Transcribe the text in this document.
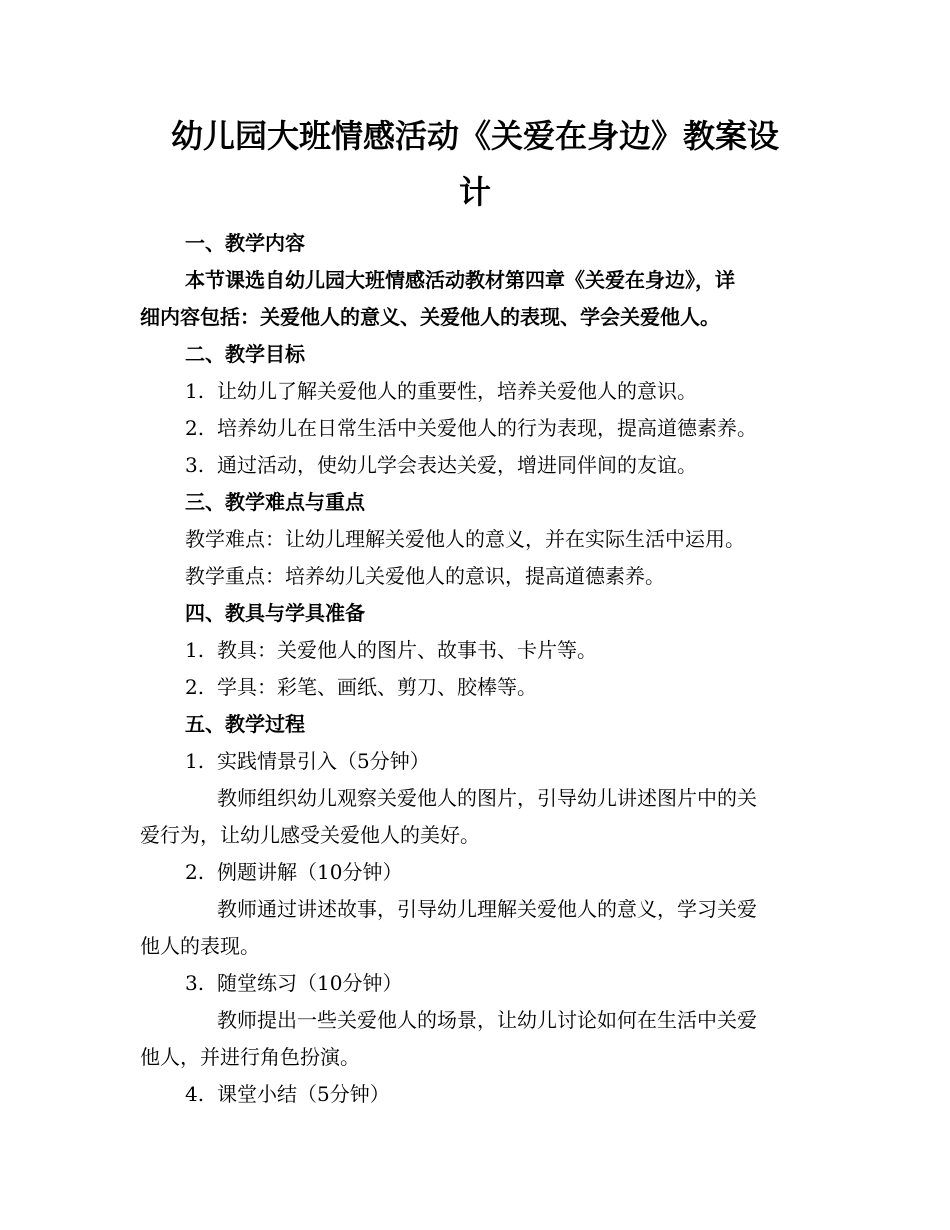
幼儿园大班情感活动《关爱在身边》教案设
计
一、教学内容
本节课选自幼儿园大班情感活动教材第四章《关爱在身边》，详
细内容包括：关爱他人的意义、关爱他人的表现、学会关爱他人。
二、教学目标
1. 让幼儿了解关爱他人的重要性，培养关爱他人的意识。
2. 培养幼儿在日常生活中关爱他人的行为表现，提高道德素养。
3. 通过活动，使幼儿学会表达关爱，增进同伴间的友谊。
三、教学难点与重点
教学难点：让幼儿理解关爱他人的意义，并在实际生活中运用。
教学重点：培养幼儿关爱他人的意识，提高道德素养。
四、教具与学具准备
1. 教具：关爱他人的图片、故事书、卡片等。
2. 学具：彩笔、画纸、剪刀、胶棒等。
五、教学过程
1. 实践情景引入（5分钟）
教师组织幼儿观察关爱他人的图片，引导幼儿讲述图片中的关
爱行为，让幼儿感受关爱他人的美好。
2. 例题讲解（10分钟）
教师通过讲述故事，引导幼儿理解关爱他人的意义，学习关爱
他人的表现。
3. 随堂练习（10分钟）
教师提出一些关爱他人的场景，让幼儿讨论如何在生活中关爱
他人，并进行角色扮演。
4. 课堂小结（5分钟）
